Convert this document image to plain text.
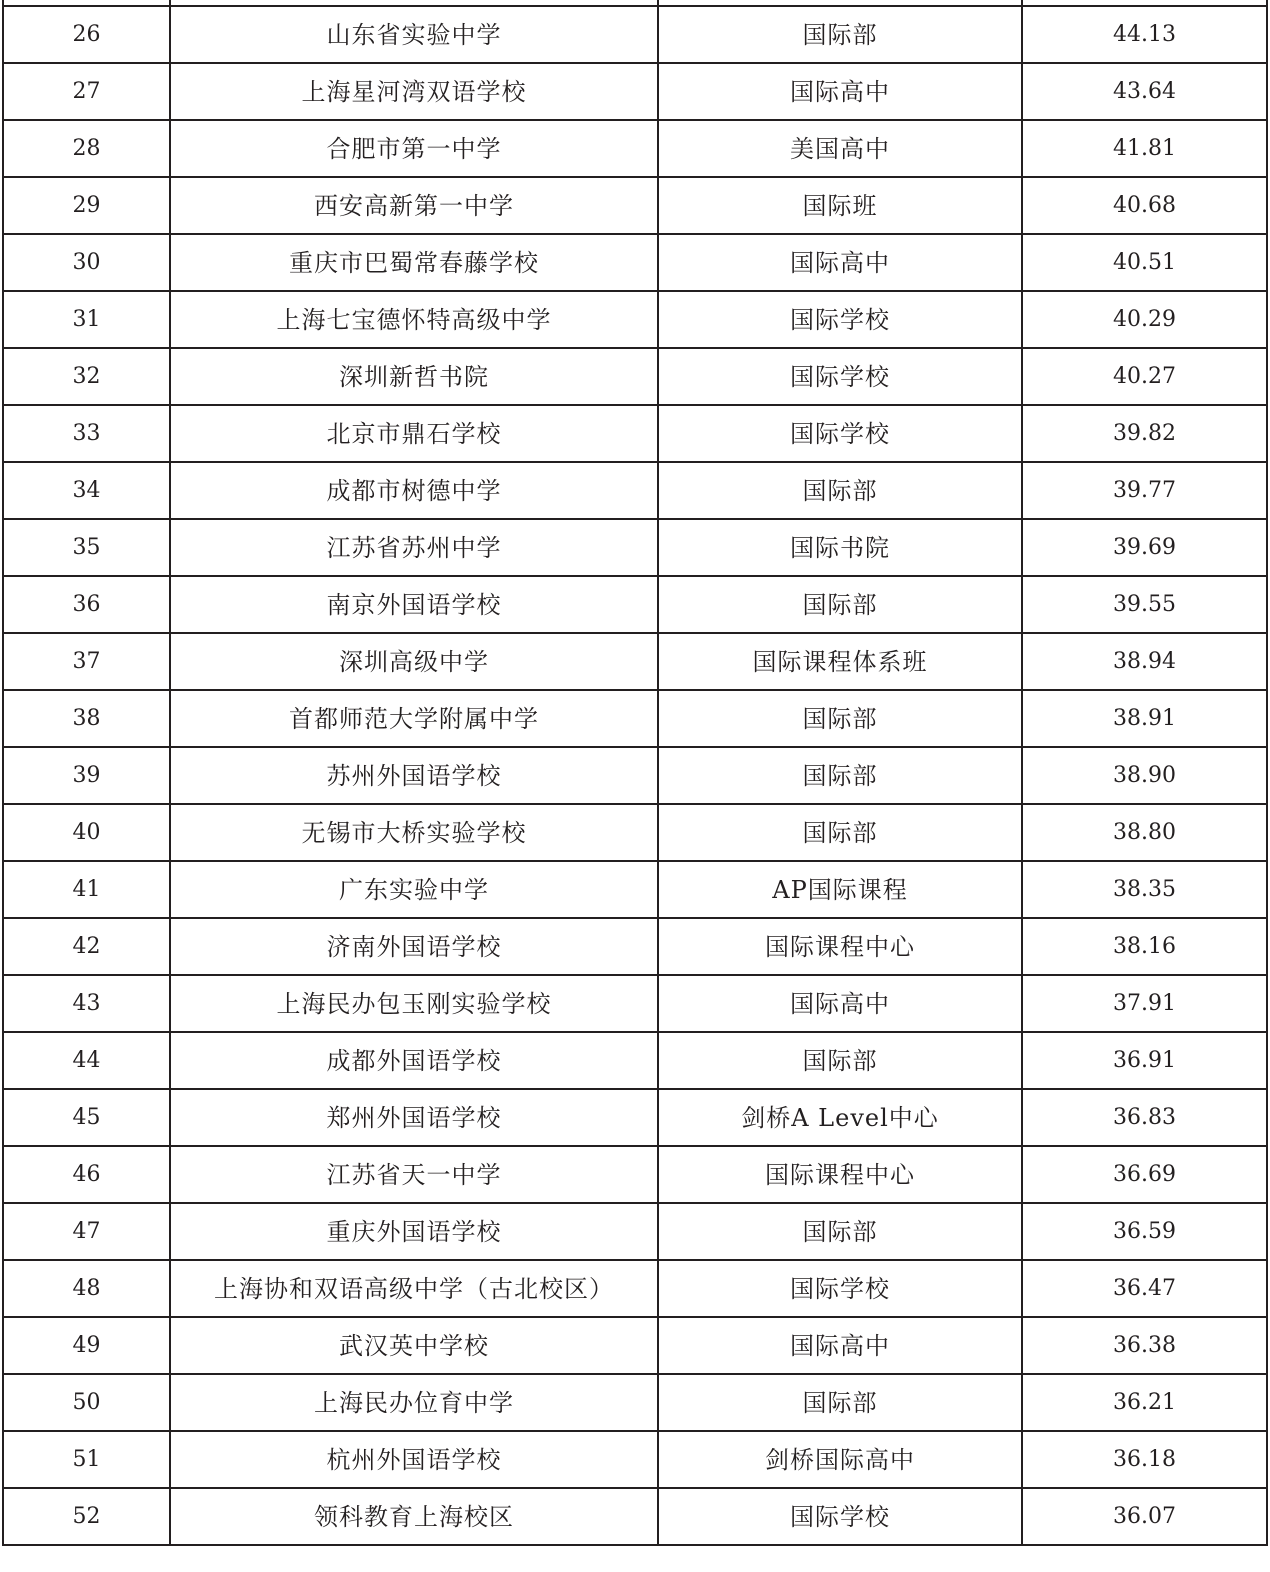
26	山东省实验中学	国际部	44.13
27	上海星河湾双语学校	国际高中	43.64
28	合肥市第一中学	美国高中	41.81
29	西安高新第一中学	国际班	40.68
30	重庆市巴蜀常春藤学校	国际高中	40.51
31	上海七宝德怀特高级中学	国际学校	40.29
32	深圳新哲书院	国际学校	40.27
33	北京市鼎石学校	国际学校	39.82
34	成都市树德中学	国际部	39.77
35	江苏省苏州中学	国际书院	39.69
36	南京外国语学校	国际部	39.55
37	深圳高级中学	国际课程体系班	38.94
38	首都师范大学附属中学	国际部	38.91
39	苏州外国语学校	国际部	38.90
40	无锡市大桥实验学校	国际部	38.80
41	广东实验中学	AP国际课程	38.35
42	济南外国语学校	国际课程中心	38.16
43	上海民办包玉刚实验学校	国际高中	37.91
44	成都外国语学校	国际部	36.91
45	郑州外国语学校	剑桥A Level中心	36.83
46	江苏省天一中学	国际课程中心	36.69
47	重庆外国语学校	国际部	36.59
48	上海协和双语高级中学（古北校区）	国际学校	36.47
49	武汉英中学校	国际高中	36.38
50	上海民办位育中学	国际部	36.21
51	杭州外国语学校	剑桥国际高中	36.18
52	领科教育上海校区	国际学校	36.07
